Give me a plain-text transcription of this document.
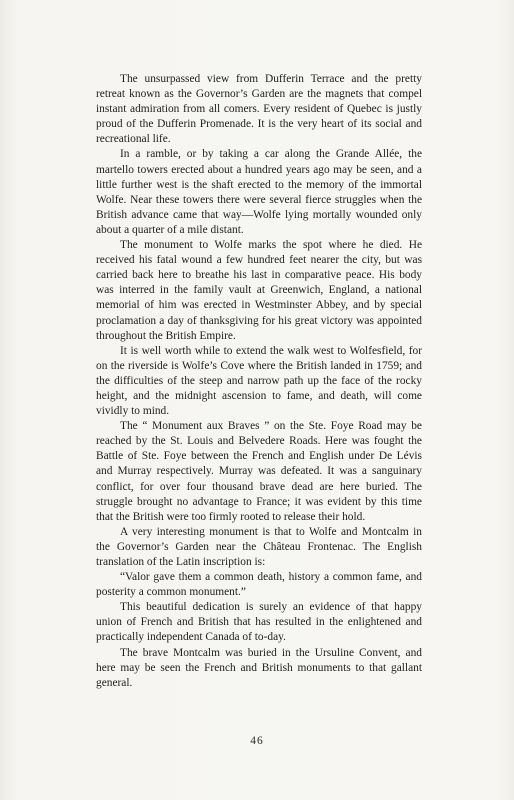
The unsurpassed view from Dufferin Terrace and the pretty retreat known as the Governor’s Garden are the magnets that compel instant admiration from all comers. Every resident of Quebec is justly proud of the Dufferin Promenade. It is the very heart of its social and recreational life.

In a ramble, or by taking a car along the Grande Allée, the martello towers erected about a hundred years ago may be seen, and a little further west is the shaft erected to the memory of the immortal Wolfe. Near these towers there were several fierce struggles when the British advance came that way—Wolfe lying mortally wounded only about a quarter of a mile distant.

The monument to Wolfe marks the spot where he died. He received his fatal wound a few hundred feet nearer the city, but was carried back here to breathe his last in comparative peace. His body was interred in the family vault at Greenwich, England, a national memorial of him was erected in Westminster Abbey, and by special proclamation a day of thanksgiving for his great victory was appointed throughout the British Empire.

It is well worth while to extend the walk west to Wolfesfield, for on the riverside is Wolfe’s Cove where the British landed in 1759; and the difficulties of the steep and narrow path up the face of the rocky height, and the midnight ascension to fame, and death, will come vividly to mind.

The “ Monument aux Braves ” on the Ste. Foye Road may be reached by the St. Louis and Belvedere Roads. Here was fought the Battle of Ste. Foye between the French and English under De Lévis and Murray respectively. Murray was defeated. It was a sanguinary conflict, for over four thousand brave dead are here buried. The struggle brought no advantage to France; it was evident by this time that the British were too firmly rooted to release their hold.

A very interesting monument is that to Wolfe and Montcalm in the Governor’s Garden near the Château Frontenac. The English translation of the Latin inscription is:

“Valor gave them a common death, history a common fame, and posterity a common monument.”

This beautiful dedication is surely an evidence of that happy union of French and British that has resulted in the enlightened and practically independent Canada of to-day.

The brave Montcalm was buried in the Ursuline Convent, and here may be seen the French and British monuments to that gallant general.

46
